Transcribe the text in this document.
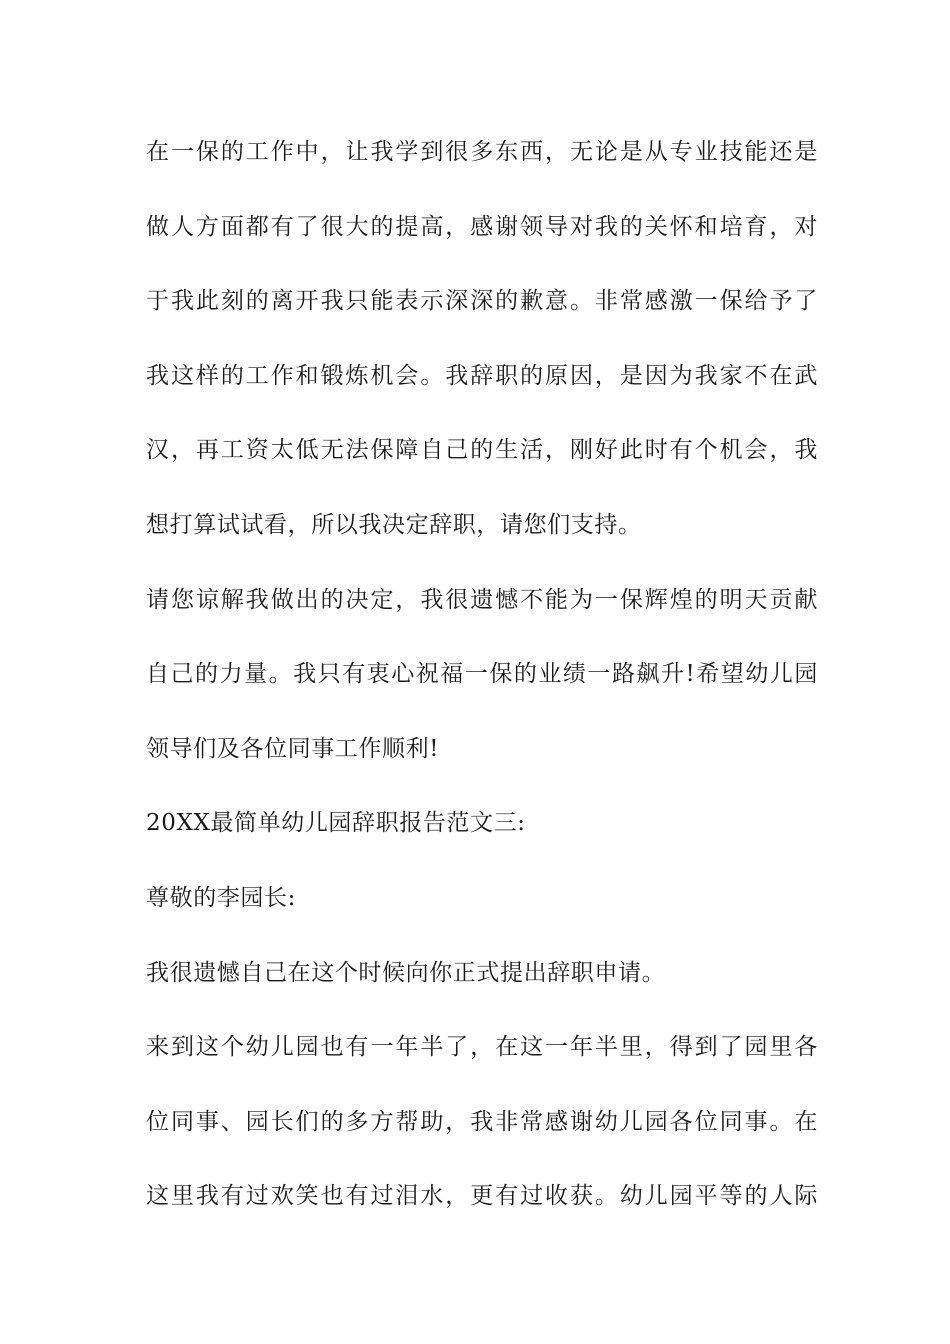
在一保的工作中，让我学到很多东西，无论是从专业技能还是
做人方面都有了很大的提高，感谢领导对我的关怀和培育，对
于我此刻的离开我只能表示深深的歉意。非常感激一保给予了
我这样的工作和锻炼机会。我辞职的原因，是因为我家不在武
汉，再工资太低无法保障自己的生活，刚好此时有个机会，我
想打算试试看，所以我决定辞职，请您们支持。
请您谅解我做出的决定，我很遗憾不能为一保辉煌的明天贡献
自己的力量。我只有衷心祝福一保的业绩一路飙升!希望幼儿园
领导们及各位同事工作顺利!
20XX最简单幼儿园辞职报告范文三:
尊敬的李园长:
我很遗憾自己在这个时候向你正式提出辞职申请。
来到这个幼儿园也有一年半了，在这一年半里，得到了园里各
位同事、园长们的多方帮助，我非常感谢幼儿园各位同事。在
这里我有过欢笑也有过泪水，更有过收获。幼儿园平等的人际
